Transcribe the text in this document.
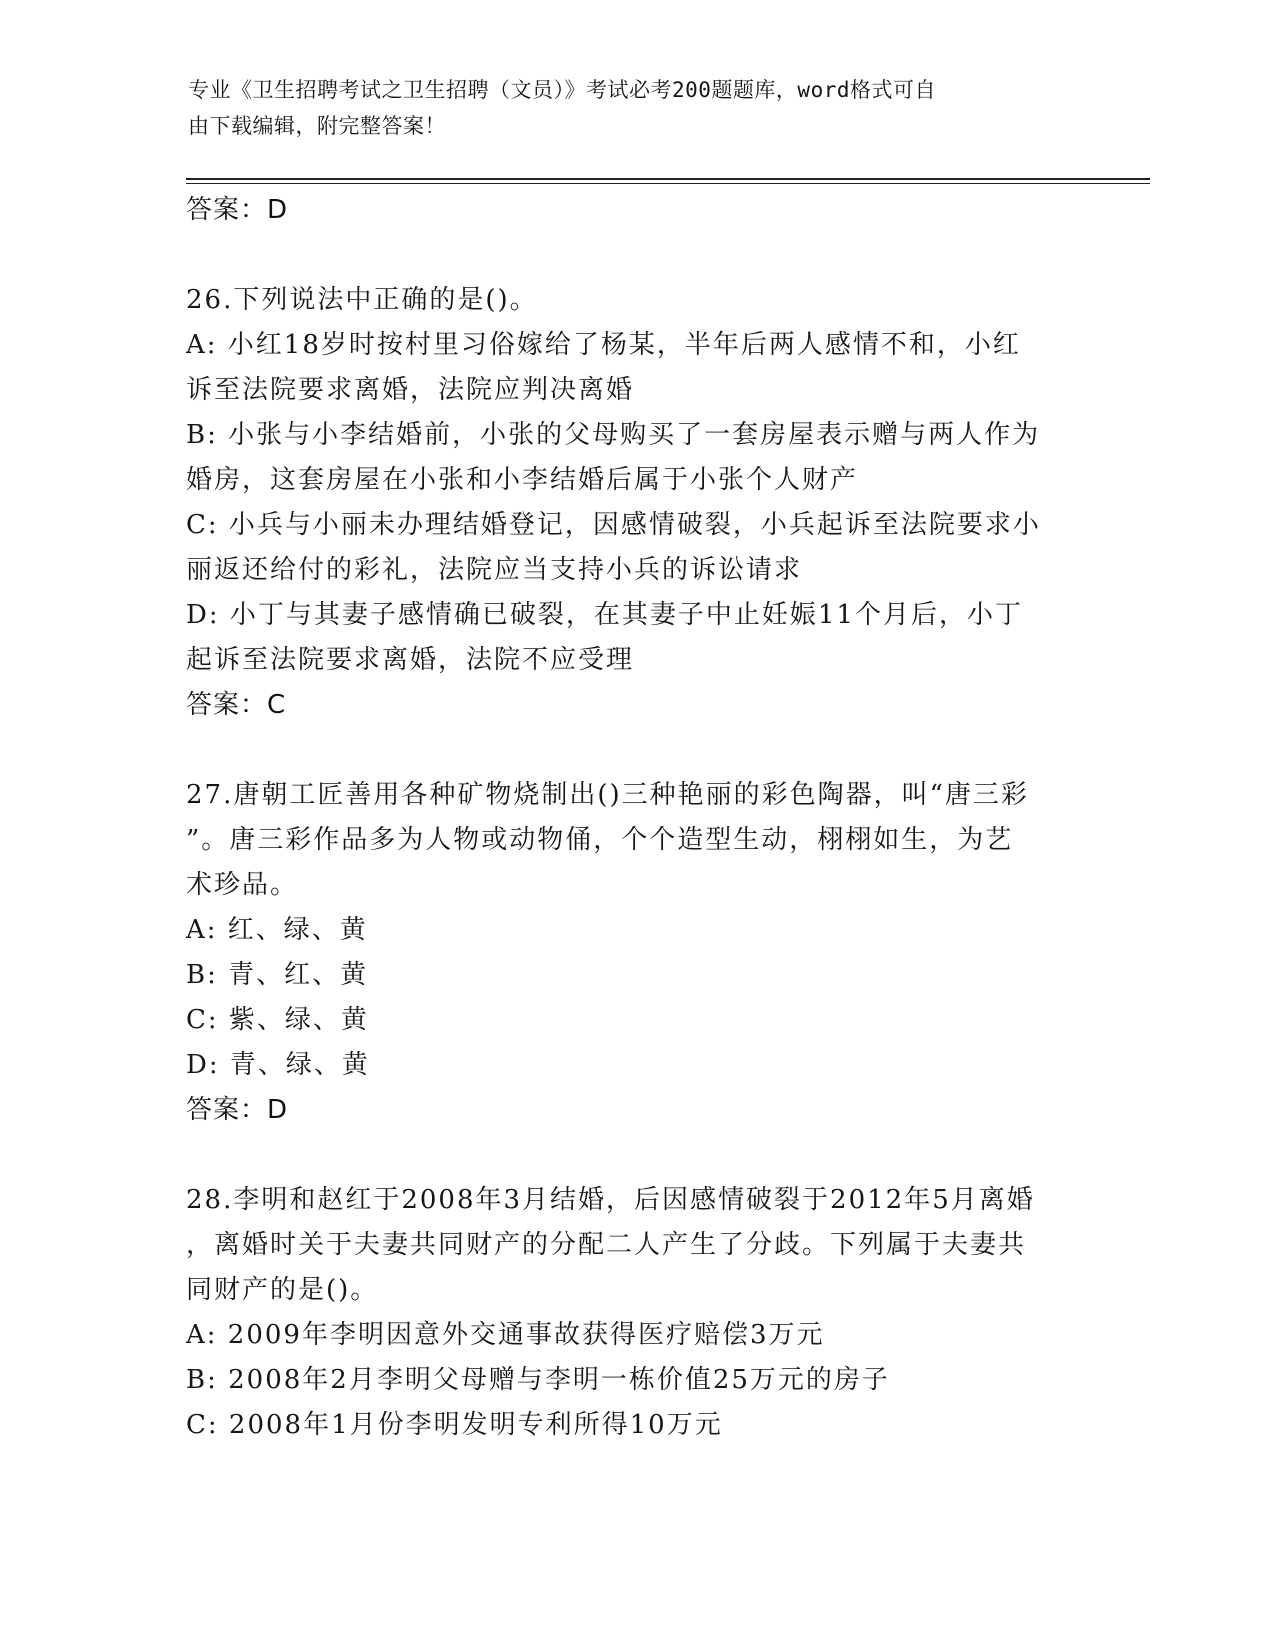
专业《卫生招聘考试之卫生招聘（文员）》考试必考200题题库，word格式可自
由下载编辑，附完整答案！
答案：D
26.下列说法中正确的是()。
A: 小红18岁时按村里习俗嫁给了杨某，半年后两人感情不和，小红
诉至法院要求离婚，法院应判决离婚
B: 小张与小李结婚前，小张的父母购买了一套房屋表示赠与两人作为
婚房，这套房屋在小张和小李结婚后属于小张个人财产
C: 小兵与小丽未办理结婚登记，因感情破裂，小兵起诉至法院要求小
丽返还给付的彩礼，法院应当支持小兵的诉讼请求
D: 小丁与其妻子感情确已破裂，在其妻子中止妊娠11个月后，小丁
起诉至法院要求离婚，法院不应受理
答案：C
27.唐朝工匠善用各种矿物烧制出()三种艳丽的彩色陶器，叫“唐三彩
”。唐三彩作品多为人物或动物俑，个个造型生动，栩栩如生，为艺
术珍品。
A: 红、绿、黄
B: 青、红、黄
C: 紫、绿、黄
D: 青、绿、黄
答案：D
28.李明和赵红于2008年3月结婚，后因感情破裂于2012年5月离婚
，离婚时关于夫妻共同财产的分配二人产生了分歧。下列属于夫妻共
同财产的是()。
A: 2009年李明因意外交通事故获得医疗赔偿3万元
B: 2008年2月李明父母赠与李明一栋价值25万元的房子
C: 2008年1月份李明发明专利所得10万元
